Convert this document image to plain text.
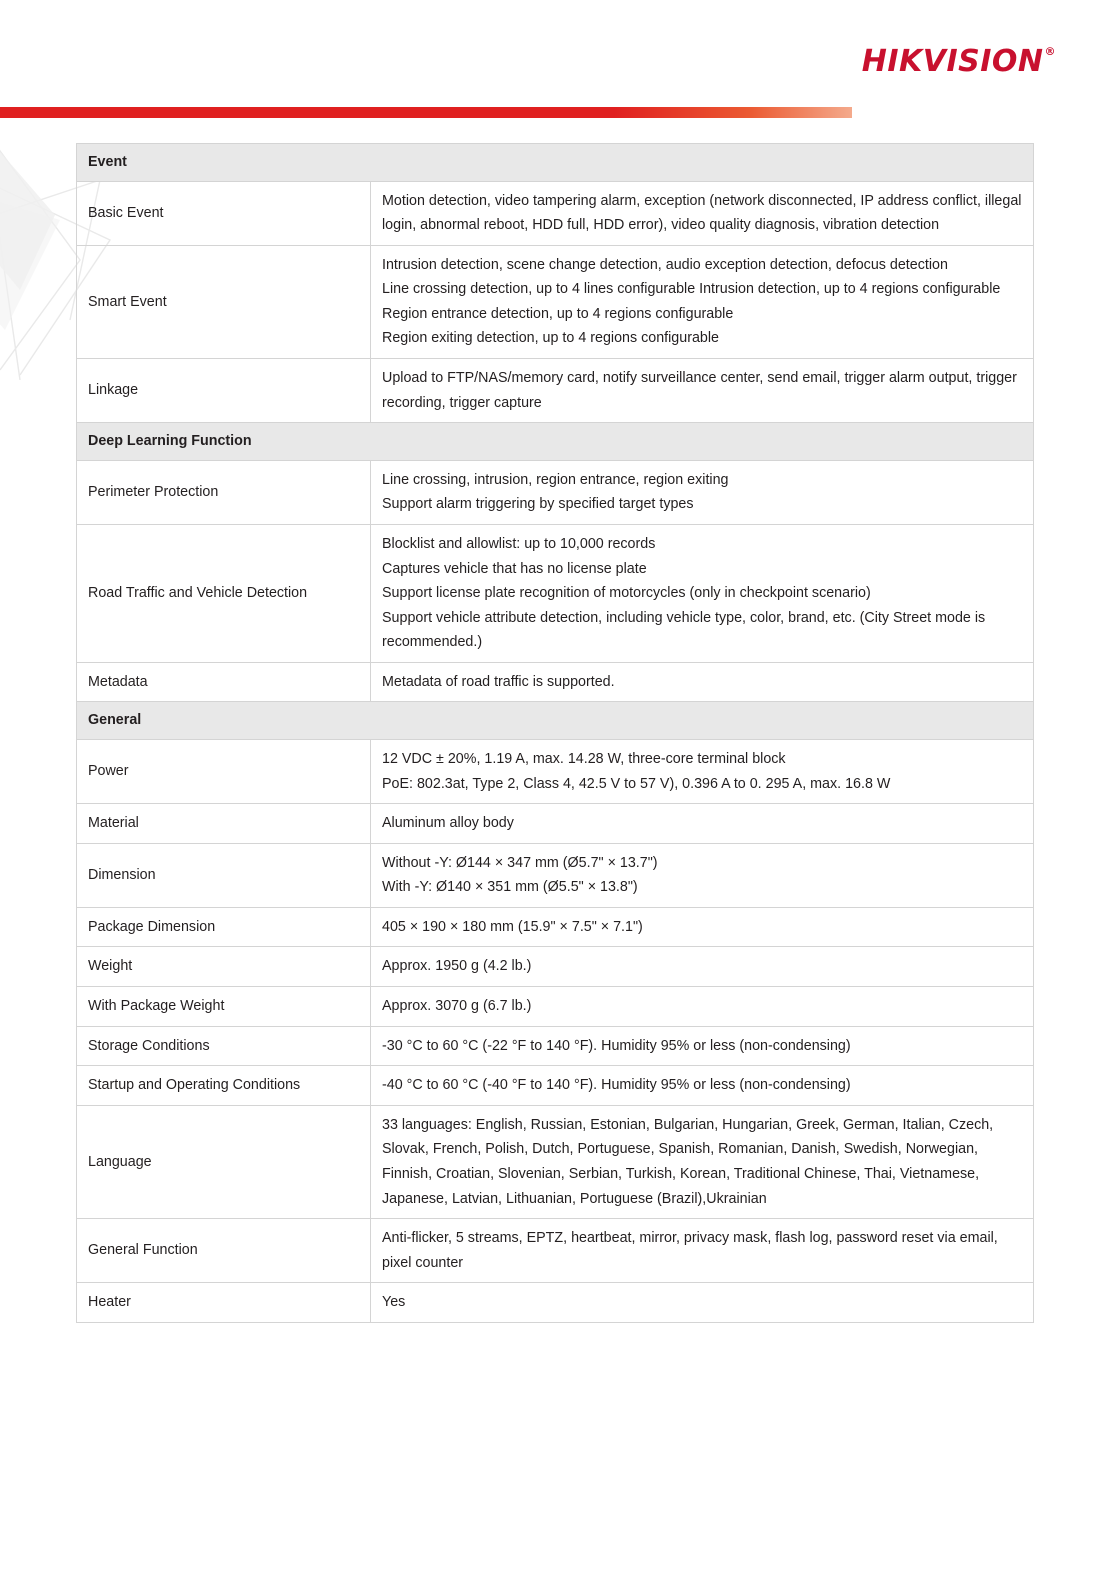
HIKVISION®
Event	
Basic Event	Motion detection, video tampering alarm, exception (network disconnected, IP address conflict, illegal login, abnormal reboot, HDD full, HDD error), video quality diagnosis, vibration detection

Smart Event	Intrusion detection, scene change detection, audio exception detection, defocus detection
Line crossing detection, up to 4 lines configurable Intrusion detection, up to 4 regions configurable
Region entrance detection, up to 4 regions configurable
Region exiting detection, up to 4 regions configurable

Linkage	Upload to FTP/NAS/memory card, notify surveillance center, send email, trigger alarm output, trigger recording, trigger capture

Deep Learning Function	
Perimeter Protection	Line crossing, intrusion, region entrance, region exiting
Support alarm triggering by specified target types

Road Traffic and Vehicle Detection	Blocklist and allowlist: up to 10,000 records
Captures vehicle that has no license plate
Support license plate recognition of motorcycles (only in checkpoint scenario)
Support vehicle attribute detection, including vehicle type, color, brand, etc. (City Street mode is recommended.)

Metadata	Metadata of road traffic is supported.

General	
Power	12 VDC ± 20%, 1.19 A, max. 14.28 W, three-core terminal block
PoE: 802.3at, Type 2, Class 4, 42.5 V to 57 V), 0.396 A to 0. 295 A, max. 16.8 W

Material	Aluminum alloy body

Dimension	Without -Y: Ø144 × 347 mm (Ø5.7" × 13.7")
With -Y: Ø140 × 351 mm (Ø5.5" × 13.8")

Package Dimension	405 × 190 × 180 mm (15.9" × 7.5" × 7.1")

Weight	Approx. 1950 g (4.2 lb.)

With Package Weight	Approx. 3070 g (6.7 lb.)

Storage Conditions	-30 °C to 60 °C (-22 °F to 140 °F). Humidity 95% or less (non-condensing)

Startup and Operating Conditions	-40 °C to 60 °C (-40 °F to 140 °F). Humidity 95% or less (non-condensing)

Language	33 languages: English, Russian, Estonian, Bulgarian, Hungarian, Greek, German, Italian, Czech, Slovak, French, Polish, Dutch, Portuguese, Spanish, Romanian, Danish, Swedish, Norwegian, Finnish, Croatian, Slovenian, Serbian, Turkish, Korean, Traditional Chinese, Thai, Vietnamese, Japanese, Latvian, Lithuanian, Portuguese (Brazil),Ukrainian

General Function	Anti-flicker, 5 streams, EPTZ, heartbeat, mirror, privacy mask, flash log, password reset via email, pixel counter

Heater	Yes
